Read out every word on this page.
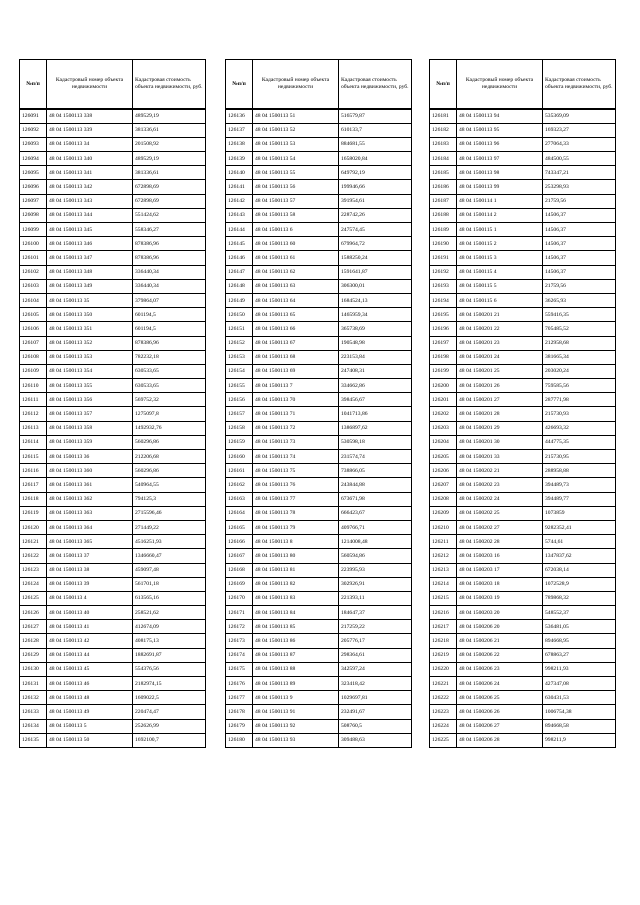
№п/п	Кадастровый номер объекта недвижимости	Кадастровая стоимость объекта недвижимости, руб.
126091	48 04 1500113 338	489529,19
126092	48 04 1500113 339	381336,61
126093	48 04 1500113 34	201508,92
126094	48 04 1500113 340	489529,19
126095	48 04 1500113 341	381336,61
126096	48 04 1500113 342	672898,69
126097	48 04 1500113 343	672898,69
126098	48 04 1500113 344	551424,62
126099	48 04 1500113 345	558346,27
126100	48 04 1500113 346	878386,96
126101	48 04 1500113 347	878386,96
126102	48 04 1500113 348	336440,34
126103	48 04 1500113 349	336440,34
126104	48 04 1500113 35	379864,07
126105	48 04 1500113 350	601194,5
126106	48 04 1500113 351	601194,5
126107	48 04 1500113 352	878386,96
126108	48 04 1500113 353	782232,18
126109	48 04 1500113 354	630533,65
126110	48 04 1500113 355	630533,65
126111	48 04 1500113 356	569752,32
126112	48 04 1500113 357	1275097,8
126113	48 04 1500113 358	1492932,76
126114	48 04 1500113 359	560296,86
126115	48 04 1500113 36	212206,68
126116	48 04 1500113 360	560296,86
126117	48 04 1500113 361	540964,55
126118	48 04 1500113 362	794125,3
126119	48 04 1500113 363	2715596,46
126120	48 04 1500113 364	271449,22
126121	48 04 1500113 365	4516251,93
126122	48 04 1500113 37	1346660,47
126123	48 04 1500113 38	459097,48
126124	48 04 1500113 39	561701,18
126125	48 04 1500113 4	613565,16
126126	48 04 1500113 40	258521,62
126127	48 04 1500113 41	412674,09
126128	48 04 1500113 42	408175,13
126129	48 04 1500113 44	1882691,87
126130	48 04 1500113 45	554376,56
126131	48 04 1500113 46	2182974,15
126132	48 04 1500113 48	1609022,5
126133	48 04 1500113 49	220474,47
126134	48 04 1500113 5	252626,99
126135	48 04 1500113 50	1692100,7
№п/п	Кадастровый номер объекта недвижимости	Кадастровая стоимость объекта недвижимости, руб.
126136	48 04 1500113 51	516579,87
126137	48 04 1500113 52	610133,7
126138	48 04 1500113 53	884681,55
126139	48 04 1500113 54	1658020,84
126140	48 04 1500113 55	649792,19
126141	48 04 1500113 56	199946,66
126142	48 04 1500113 57	391954,61
126143	48 04 1500113 58	228742,26
126144	48 04 1500113 6	247574,45
126145	48 04 1500113 60	679964,72
126146	48 04 1500113 61	1588250,24
126147	48 04 1500113 62	1591641,87
126148	48 04 1500113 63	306300,01
126149	48 04 1500113 64	1684524,13
126150	48 04 1500113 65	1465959,34
126151	48 04 1500113 66	365738,69
126152	48 04 1500113 67	190548,98
126153	48 04 1500113 68	223153,84
126154	48 04 1500113 69	247408,31
126155	48 04 1500113 7	334662,86
126156	48 04 1500113 70	398456,67
126157	48 04 1500113 71	1041713,86
126158	48 04 1500113 72	1386897,62
126159	48 04 1500113 73	530598,18
126160	48 04 1500113 74	231574,74
126161	48 04 1500113 75	738866,05
126162	48 04 1500113 76	243844,88
126163	48 04 1500113 77	673671,98
126164	48 04 1500113 78	666423,67
126165	48 04 1500113 79	409766,71
126166	48 04 1500113 8	1214008,48
126167	48 04 1500113 80	560594,86
126168	48 04 1500113 81	223995,93
126169	48 04 1500113 82	302926,91
126170	48 04 1500113 83	221393,11
126171	48 04 1500113 84	184647,37
126172	48 04 1500113 85	217259,22
126173	48 04 1500113 86	205776,17
126174	48 04 1500113 87	298364,61
126175	48 04 1500113 88	342597,24
126176	48 04 1500113 89	323418,42
126177	48 04 1500113 9	1029697,81
126178	48 04 1500113 91	232491,67
126179	48 04 1500113 92	508760,5
126180	48 04 1500113 93	309488,63
№п/п	Кадастровый номер объекта недвижимости	Кадастровая стоимость объекта недвижимости, руб.
126181	48 04 1500113 94	535369,09
126182	48 04 1500113 95	169323,27
126183	48 04 1500113 96	277064,33
126184	48 04 1500113 97	484500,55
126185	48 04 1500113 98	743347,21
126186	48 04 1500113 99	253298,93
126187	48 04 1500114 1	21759,56
126188	48 04 1500114 2	14506,37
126189	48 04 1500115 1	14506,37
126190	48 04 1500115 2	14506,37
126191	48 04 1500115 3	14506,37
126192	48 04 1500115 4	14506,37
126193	48 04 1500115 5	21759,56
126194	48 04 1500115 6	36265,93
126195	48 04 1500201 21	559416,35
126196	48 04 1500201 22	705485,52
126197	48 04 1500201 23	212958,68
126198	48 04 1500201 24	381665,34
126199	48 04 1500201 25	203020,24
126200	48 04 1500201 26	759585,56
126201	48 04 1500201 27	287771,98
126202	48 04 1500201 28	215730,93
126203	48 04 1500201 29	426693,32
126204	48 04 1500201 30	444775,35
126205	48 04 1500201 33	215730,95
126206	48 04 1500202 21	288958,88
126207	48 04 1500202 23	394489,73
126208	48 04 1500202 24	394489,77
126209	48 04 1500202 25	1073859
126210	48 04 1500202 27	9282352,41
126211	48 04 1500202 28	5744,61
126212	48 04 1500203 16	1347837,62
126213	48 04 1500203 17	672038,14
126214	48 04 1500203 18	1072528,9
126215	48 04 1500203 19	789868,32
126216	48 04 1500203 20	548552,37
126217	48 04 1500206 20	536481,05
126218	48 04 1500206 21	894668,95
126219	48 04 1500206 22	678863,27
126220	48 04 1500206 23	998211,93
126221	48 04 1500206 24	427347,08
126222	48 04 1500206 25	630431,53
126223	48 04 1500206 26	1006754,38
126224	48 04 1500206 27	894668,58
126225	48 04 1500206 28	998211,9
